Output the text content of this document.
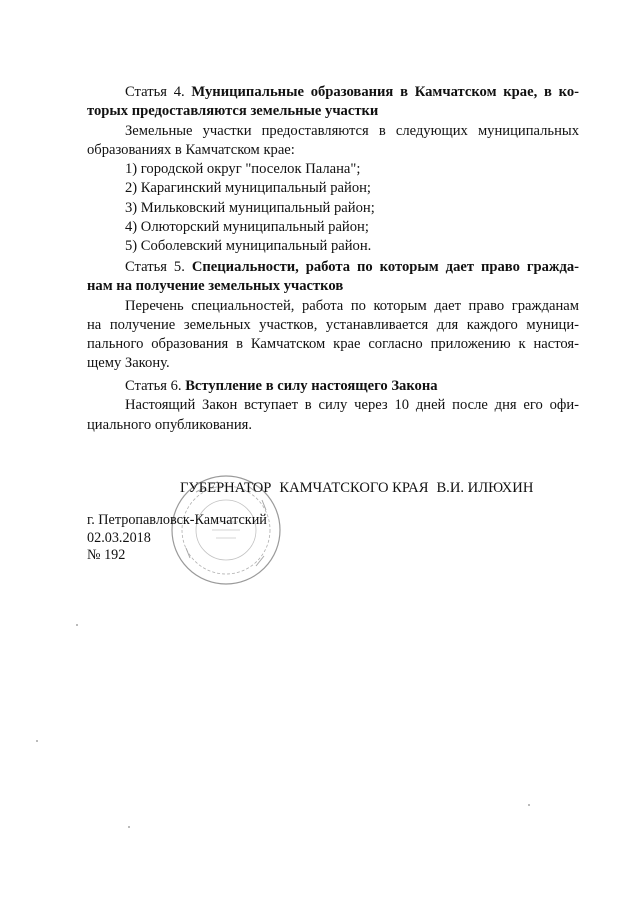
Статья 4. Муниципальные образования в Камчатском крае, в ко-
торых предоставляются земельные участки
Земельные участки предоставляются в следующих муниципальных
образованиях в Камчатском крае:
1) городской округ "поселок Палана";
2) Карагинский муниципальный район;
3) Мильковский муниципальный район;
4) Олюторский муниципальный район;
5) Соболевский муниципальный район.
Статья 5. Специальности, работа по которым дает право гражда-
нам на получение земельных участков
Перечень специальностей, работа по которым дает право гражданам
на получение земельных участков, устанавливается для каждого муници-
пального образования в Камчатском крае согласно приложению к настоя-
щему Закону.
Статья 6. Вступление в силу настоящего Закона
Настоящий Закон вступает в силу через 10 дней после дня его офи-
циального опубликования.
ГУБЕРНАТОР КАМЧАТСКОГО КРАЯ В.И. ИЛЮХИН
г. Петропавловск-Камчатский
02.03.2018
№ 192
